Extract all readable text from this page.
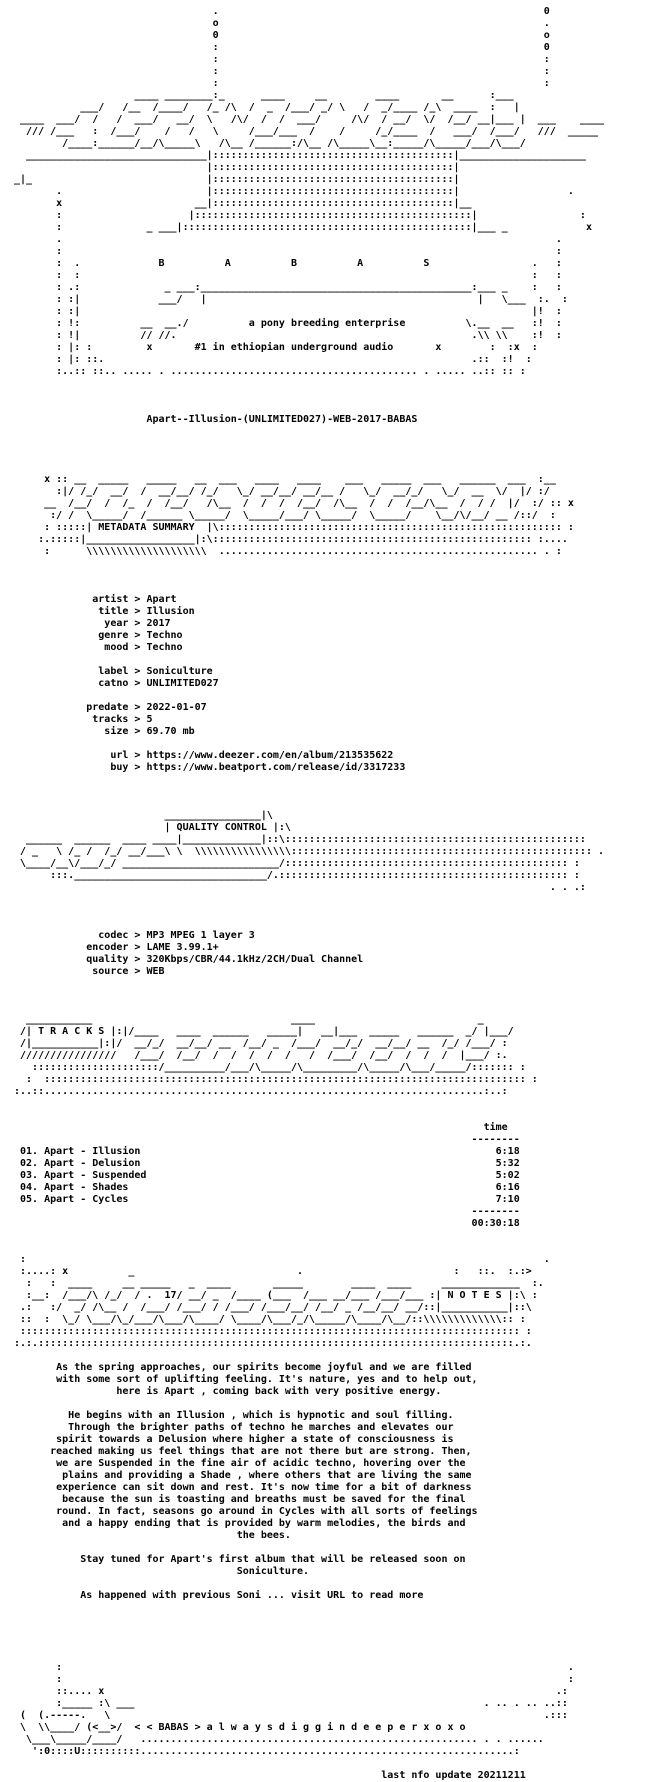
.                                                      0
o                                                      .
0                                                      o
:                                                      0
:                                                      :
:                                                      :
:                                                      :
____ ________:_      ____     __        ____       __      :___
___/   /__  /____/   /_ /\  /  _  /___/ _/ \   /  _/____ /_\  ____  :   |
____  ___/  /   /  ___/   __/  \   /\/  /  /  ___/     /\/  / __/  \/  /__/ __|___ |  ___    ____
/// /___   :  /___/    /   /   \     /___/___  /    /     /_/____  /   ___/  /___/   ///  _____
/____:______/__/\_____\   /\__ /______:/\__ /\_____\__:_____/\_____/___/\___/
______________________________|::::::::::::::::::::::::::::::::::::::::|_____________________
|::::::::::::::::::::::::::::::::::::::::|
_|_                             |::::::::::::::::::::::::::::::::::::::::|
.                        |::::::::::::::::::::::::::::::::::::::::|                  .
x                      __|::::::::::::::::::::::::::::::::::::::::|__
:                     |::::::::::::::::::::::::::::::::::::::::::::::|                 :
:              _ ___|::::::::::::::::::::::::::::::::::::::::::::::::|___ _             x
.                                                                                  .
:                                                                                  :
:  .             B          A          B          A          S                 .   :
:  :                                                                           :   :
: .:              _ ___:_____________________________________________:___ _    :   :
: :|             ___/   |                                             |   \___  :.  :
: :|                                                                           |!  :
: !:          __  __./          a pony breeding enterprise          \.__  __   :!  :
: !|          // //.                                                 .\\ \\    :!  :
: |: :         x       #1 in ethiopian underground audio       x        :  :x  :
: |: ::.                                                             .::  :!  :
:..:: ::.. ..... . ......................................... . ..... ..:: :: :
Apart--Illusion-(UNLIMITED027)-WEB-2017-BABAS
x :: __  _____   _____   __  ___   ____   ____    ___   _____  ___   ______  ___  :__
:|/ /_/  __/  /  __/__/ /_/   \_/ __/__/ __/__ /   \_/  __/_/   \_/  __  \/  |/ :/
__  /__/  /  /_  /  /__/   /\__  /  /  /  /__/  /\__  /  /  /__/\__  /  / /  |/  :/ :: x
:/ /  \_____/  /______ \_____/  \_____/___/ \_____/  \_____/    \__/\/__/ __ /::/  :
: :::::| METADATA SUMMARY  |\::::::::::::::::::::::::::::::::::::::::::::::::::::::::: :
:.:::::|__________________|:\::::::::::::::::::::::::::::::::::::::::::::::::::::: :....
:      \\\\\\\\\\\\\\\\\\\\  ..................................................... . :
artist > Apart
title > Illusion
year > 2017
genre > Techno
mood > Techno
label > Soniculture
catno > UNLIMITED027
predate > 2022-01-07
tracks > 5
size > 69.70 mb
url > https://www.deezer.com/en/album/213535622
buy > https://www.beatport.com/release/id/3317233
________________|\
| QUALITY CONTROL |:\
______  ______  ____ ____|_____________|::\::::::::::::::::::::::::::::::::::::::::::::::::::
/ _   \ /_ /  /_/ __/___\ \  \\\\\\\\\\\\\\\\:::::::::::::::::::::::::::::::::::::::::::::::::: .
\____/__\/___/_/ __________________________/::::::::::::::::::::::::::::::::::::::::::::::: :
:::.________________________________/.:::::::::::::::::::::::::::::::::::::::::::::::: :
. . .:
codec > MP3 MPEG 1 layer 3
encoder > LAME 3.99.1+
quality > 320Kbps/CBR/44.1kHz/2CH/Dual Channel
source > WEB
___________                                 ____                           _
/| T R A C K S |:|/____   ____  ______   _____|   __|___  _____   ______  _/ |___/
/|___________|:|/  __/_/  __/__/ __  /__/ _  /___/  __/_/  __/__/ __  /_/ /___/ :
////////////////   /___/  /__/  /  /  /  /  /   /  /___/  /__/  /  /  /  |___/ :.
:::::::::::::::::::::/__________/___/\_____/\_________/\_____/\___/_____/::::::: :
:  :::::::::::::::::::::::::::::::::::::::::::::::::::::::::::::::::::::::::::::::: :
:..::.........................................................................:..:
time
--------
01. Apart - Illusion                                                           6:18
02. Apart - Delusion                                                           5:32
03. Apart - Suspended                                                          5:02
04. Apart - Shades                                                             6:16
05. Apart - Cycles                                                             7:10
--------
00:30:18
:                                                                                      .
:....: x          _                           .                         :   ::.  :.:>
:   :  ____     __ _____   _  ____       _____        ____  ____     _____________  :.
:__:  /___/\ /_/  / .  17/ __/ _  /____ (___  /___ __/___ /___/___ :| N O T E S |:\ :
.:   :/  _/ /\__ /  /___/ /___/ / /___/ /___/__/ /__/ _ /__/__/ __/::|___________|::\
::  :  \_/ \___/\_/___/\___/\____/ \____/\___/_/\_____/\____/\__/::\\\\\\\\\\\\\:: :
::::::::::::::::::::::::::::::::::::::::::::::::::::::::::::::::::::::::::::::::::: :
:.:.:::::::::::::::::::::::::::::::::::::::::::::::::::::::::::::::::::::::::::::::.:.
As the spring approaches, our spirits become joyful and we are filled
with some sort of uplifting feeling. It's nature, yes and to help out,
here is Apart , coming back with very positive energy.
He begins with an Illusion , which is hypnotic and soul filling.
Through the brighter paths of techno he marches and elevates our
spirit towards a Delusion where higher a state of consciousness is
reached making us feel things that are not there but are strong. Then,
we are Suspended in the fine air of acidic techno, hovering over the
plains and providing a Shade , where others that are living the same
experience can sit down and rest. It's now time for a bit of darkness
because the sun is toasting and breaths must be saved for the final
round. In fact, seasons go around in Cycles with all sorts of feelings
and a happy ending that is provided by warm melodies, the birds and
the bees.
Stay tuned for Apart's first album that will be released soon on
Soniculture.
As happened with previous Soni ... visit URL to read more
:                                                                                    .
:                                                                                    :
::.... x                                                                           .:
:_____ :\ ___                                                          . .. . .. ..::
(  (.-----.   \                                                                        .:::
\  \\____/ (<__>/  < < BABAS > a l w a y s d i g g i n d e e p e r x o x o
\___\_____/____/   ........................................................ . . ......
':0::::U::::::::::..............................................................:
last nfo update 20211211
